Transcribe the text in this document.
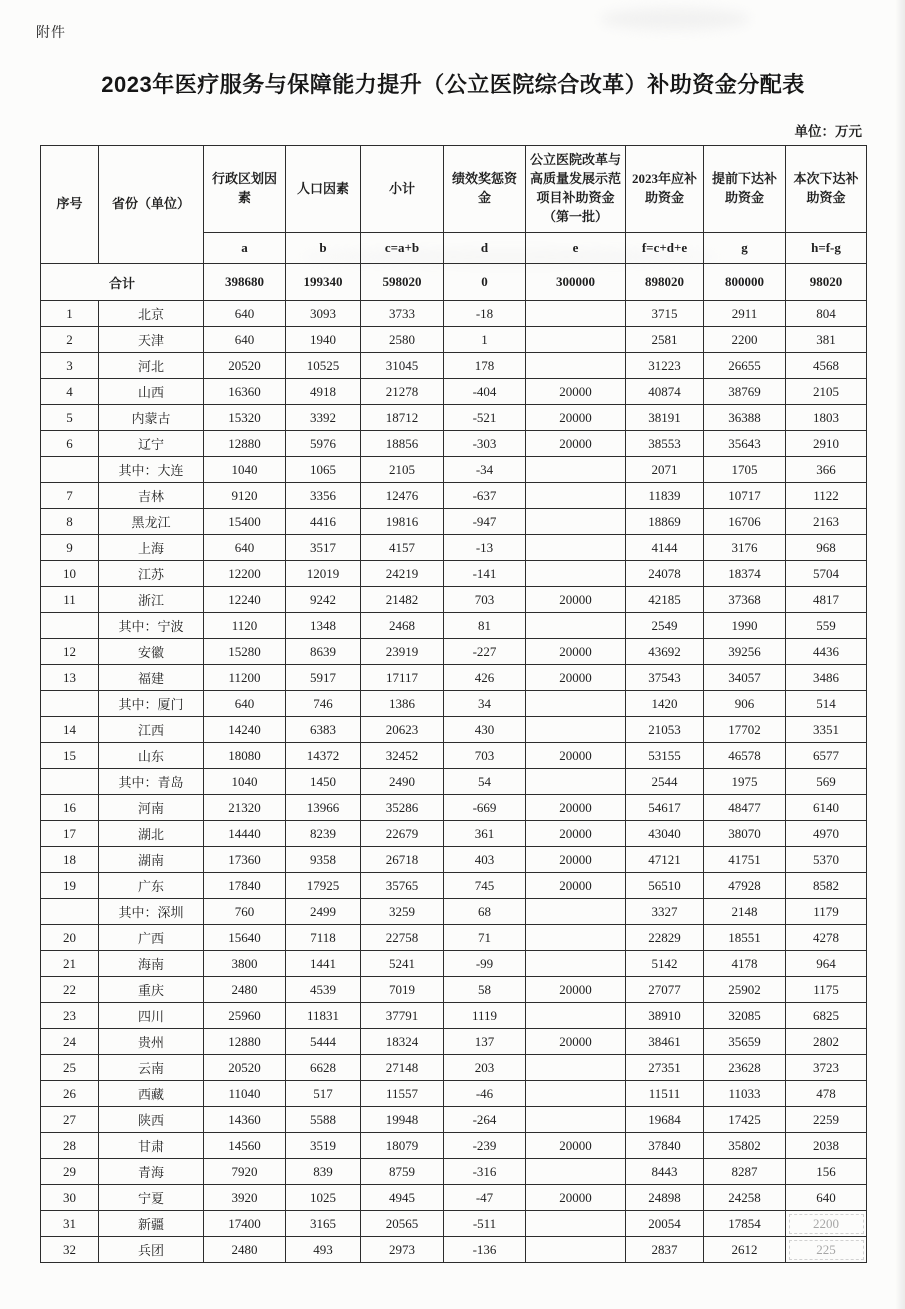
附件
2023年医疗服务与保障能力提升（公立医院综合改革）补助资金分配表
单位：万元
序号	省份（单位）	行政区划因素	人口因素	小计	绩效奖惩资金	公立医院改革与高质量发展示范项目补助资金（第一批）	2023年应补助资金	提前下达补助资金	本次下达补助资金
		a	b	c=a+b	d	e	f=c+d+e	g	h=f-g
合计		398680	199340	598020	0	300000	898020	800000	98020
1	北京	640	3093	3733	-18		3715	2911	804
2	天津	640	1940	2580	1		2581	2200	381
3	河北	20520	10525	31045	178		31223	26655	4568
4	山西	16360	4918	21278	-404	20000	40874	38769	2105
5	内蒙古	15320	3392	18712	-521	20000	38191	36388	1803
6	辽宁	12880	5976	18856	-303	20000	38553	35643	2910
	其中：大连	1040	1065	2105	-34		2071	1705	366
7	吉林	9120	3356	12476	-637		11839	10717	1122
8	黑龙江	15400	4416	19816	-947		18869	16706	2163
9	上海	640	3517	4157	-13		4144	3176	968
10	江苏	12200	12019	24219	-141		24078	18374	5704
11	浙江	12240	9242	21482	703	20000	42185	37368	4817
	其中：宁波	1120	1348	2468	81		2549	1990	559
12	安徽	15280	8639	23919	-227	20000	43692	39256	4436
13	福建	11200	5917	17117	426	20000	37543	34057	3486
	其中：厦门	640	746	1386	34		1420	906	514
14	江西	14240	6383	20623	430		21053	17702	3351
15	山东	18080	14372	32452	703	20000	53155	46578	6577
	其中：青岛	1040	1450	2490	54		2544	1975	569
16	河南	21320	13966	35286	-669	20000	54617	48477	6140
17	湖北	14440	8239	22679	361	20000	43040	38070	4970
18	湖南	17360	9358	26718	403	20000	47121	41751	5370
19	广东	17840	17925	35765	745	20000	56510	47928	8582
	其中：深圳	760	2499	3259	68		3327	2148	1179
20	广西	15640	7118	22758	71		22829	18551	4278
21	海南	3800	1441	5241	-99		5142	4178	964
22	重庆	2480	4539	7019	58	20000	27077	25902	1175
23	四川	25960	11831	37791	1119		38910	32085	6825
24	贵州	12880	5444	18324	137	20000	38461	35659	2802
25	云南	20520	6628	27148	203		27351	23628	3723
26	西藏	11040	517	11557	-46		11511	11033	478
27	陕西	14360	5588	19948	-264		19684	17425	2259
28	甘肃	14560	3519	18079	-239	20000	37840	35802	2038
29	青海	7920	839	8759	-316		8443	8287	156
30	宁夏	3920	1025	4945	-47	20000	24898	24258	640
31	新疆	17400	3165	20565	-511		20054	17854	2200
32	兵团	2480	493	2973	-136		2837	2612	225
